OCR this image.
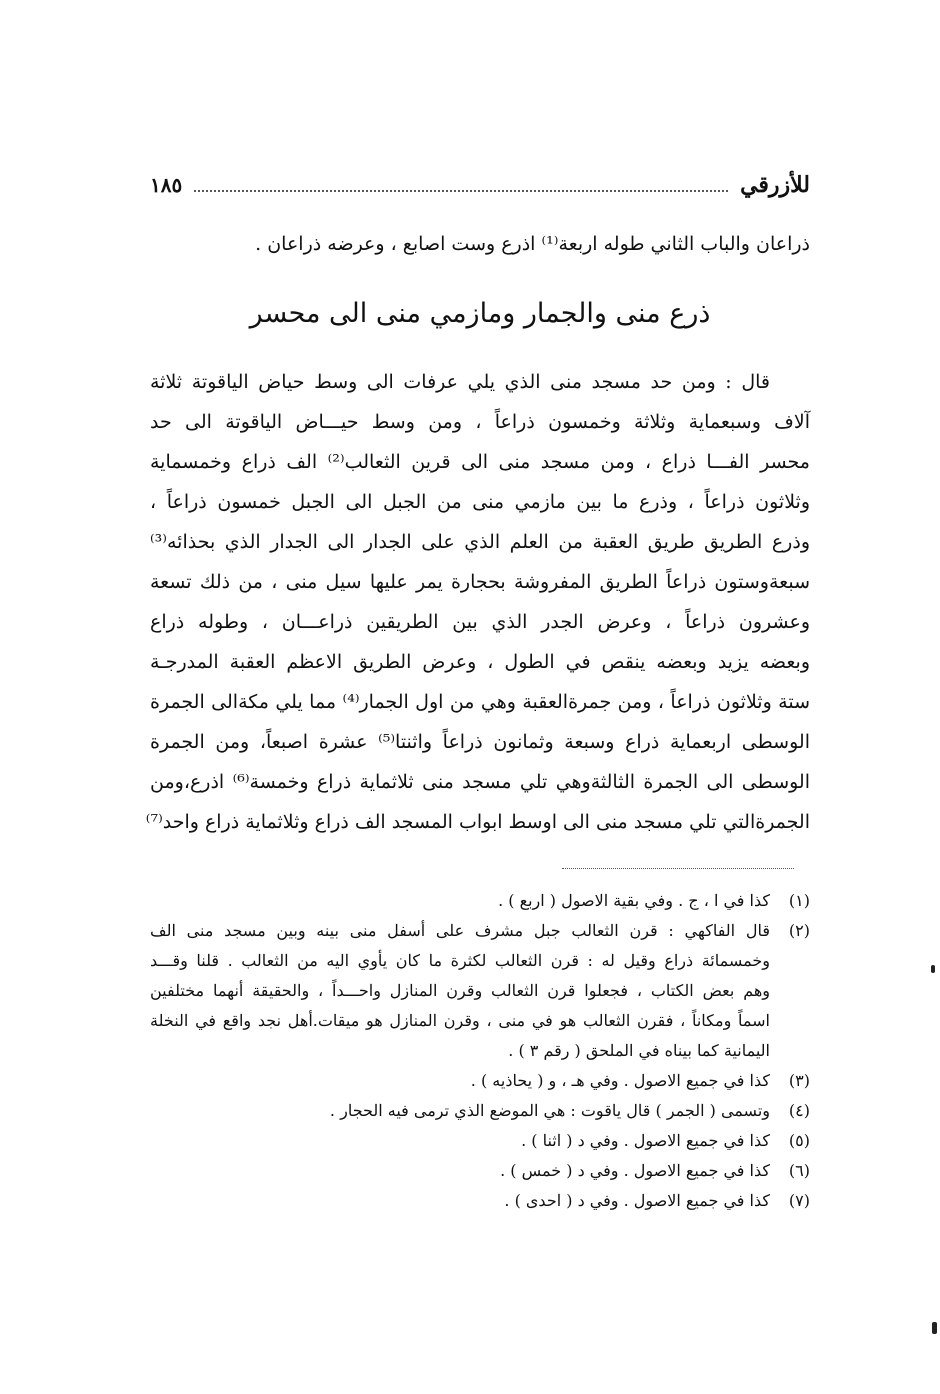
للأزرقي
١٨٥
ذراعان والباب الثاني طوله اربعة⁽¹⁾ اذرع وست اصابع ، وعرضه ذراعان .
ذرع منى والجمار ومازمي منى الى محسر
قال : ومن حد مسجد منى الذي يلي عرفات الى وسط حياض الياقوتة ثلاثة
آلاف وسبعماية وثلاثة وخمسون ذراعاً ، ومن وسط حيـــاض الياقوتة الى حد
محسر الفـــا ذراع ، ومن مسجد منى الى قرين الثعالب⁽²⁾ الف ذراع وخمسماية
وثلاثون ذراعاً ، وذرع ما بين مازمي منى من الجبل الى الجبل خمسون ذراعاً ،
وذرع الطريق طريق العقبة من العلم الذي على الجدار الى الجدار الذي بحذائه⁽³⁾
سبعةوستون ذراعاً الطريق المفروشة بحجارة يمر عليها سيل منى ، من ذلك تسعة
وعشرون ذراعاً ، وعرض الجدر الذي بين الطريقين ذراعـــان ، وطوله ذراع
وبعضه يزيد وبعضه ينقص في الطول ، وعرض الطريق الاعظم العقبة المدرجـة
ستة وثلاثون ذراعاً ، ومن جمرةالعقبة وهي من اول الجمار⁽⁴⁾ مما يلي مكةالى الجمرة
الوسطى اربعماية ذراع وسبعة وثمانون ذراعاً واثنتا⁽⁵⁾ عشرة اصبعاً، ومن الجمرة
الوسطى الى الجمرة الثالثةوهي تلي مسجد منى ثلاثماية ذراع وخمسة⁽⁶⁾ اذرع،ومن
الجمرةالتي تلي مسجد منى الى اوسط ابواب المسجد الف ذراع وثلاثماية ذراع واحد⁽⁷⁾
(١)
كذا في ا ، ج . وفي بقية الاصول ( اربع ) .
(٢)
قال الفاكهي : قرن الثعالب جبل مشرف على أسفل منى بينه وبين مسجد منى الف
وخمسمائة ذراع وقيل له : قرن الثعالب لكثرة ما كان يأوي اليه من الثعالب . قلنا وقـــد
وهم بعض الكتاب ، فجعلوا قرن الثعالب وقرن المنازل واحـــداً ، والحقيقة أنهما مختلفين
اسماً ومكاناً ، فقرن الثعالب هو في منى ، وقرن المنازل هو ميقات.أهل نجد واقع في النخلة
اليمانية كما بيناه في الملحق ( رقم ٣ ) .
(٣)
كذا في جميع الاصول . وفي هـ ، و ( يحاذيه ) .
(٤)
وتسمى ( الجمر ) قال ياقوت : هي الموضع الذي ترمى فيه الحجار .
(٥)
كذا في جميع الاصول . وفي د ( اثنا ) .
(٦)
كذا في جميع الاصول . وفي د ( خمس ) .
(٧)
كذا في جميع الاصول . وفي د ( احدى ) .
